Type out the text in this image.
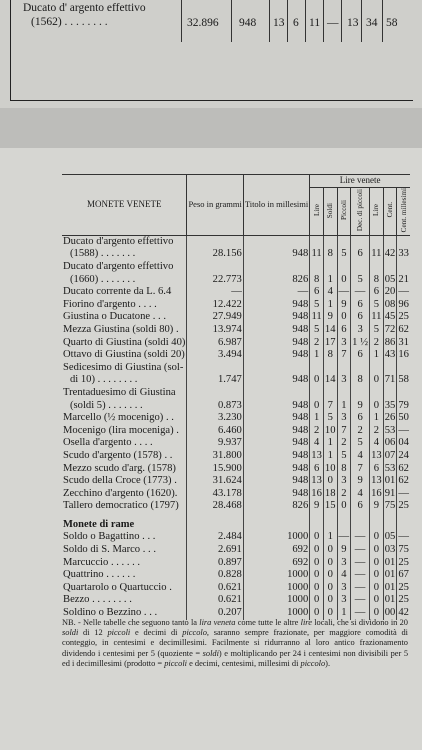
Ducato d' argento effettivo
(1562) . . . . . . . .	32.896 948 13 6 11 — 13 34 58
MONETE VENETE	Peso in grammi	Titolo in millesimi	Lire venete						
			Lire	Soldi	Piccoli	Dec. di piccoli	Lire	Cent.	Cent. millesimi
Ducato d'argento effettivo									
(1588) . . . . . . .	28.156	948	11	8	5	6	11	42	33
Ducato d'argento effettivo									
(1660) . . . . . . .	22.773	826	8	1	0	5	8	05	21
Ducato corrente da L. 6.4	—	—	6	4	—	—	6	20	—
Fiorino d'argento . . . .	12.422	948	5	1	9	6	5	08	96
Giustina o Ducatone . . .	27.949	948	11	9	0	6	11	45	25
Mezza Giustina (soldi 80) .	13.974	948	5	14	6	3	5	72	62
Quarto di Giustina (soldi 40)	6.987	948	2	17	3	1 ½	2	86	31
Ottavo di Giustina (soldi 20)	3.494	948	1	8	7	6	1	43	16
Sedicesimo di Giustina (sol-									
di 10) . . . . . . . .	1.747	948	0	14	3	8	0	71	58
Trentaduesimo di Giustina									
(soldi 5) . . . . . . .	0.873	948	0	7	1	9	0	35	79
Marcello (½ mocenigo) . .	3.230	948	1	5	3	6	1	26	50
Mocenigo (lira moceniga) .	6.460	948	2	10	7	2	2	53	—
Osella d'argento . . . .	9.937	948	4	1	2	5	4	06	04
Scudo d'argento (1578) . .	31.800	948	13	1	5	4	13	07	24
Mezzo scudo d'arg. (1578)	15.900	948	6	10	8	7	6	53	62
Scudo della Croce (1773) .	31.624	948	13	0	3	9	13	01	62
Zecchino d'argento (1620).	43.178	948	16	18	2	4	16	91	—
Tallero democratico (1797)	28.468	826	9	15	0	6	9	75	25
Monete di rame									
Soldo o Bagattino . . .	2.484	1000	0	1	—	—	0	05	—
Soldo di S. Marco . . .	2.691	692	0	0	9	—	0	03	75
Marcuccio . . . . . .	0.897	692	0	0	3	—	0	01	25
Quattrino . . . . . .	0.828	1000	0	0	4	—	0	01	67
Quartarolo o Quartuccio .	0.621	1000	0	0	3	—	0	01	25
Bezzo . . . . . . . .	0.621	1000	0	0	3	—	0	01	25
Soldino o Bezzino . . .	0.207	1000	0	0	1	—	0	00	42
NB. - Nelle tabelle che seguono tanto la lira veneta come tutte le altre lire locali, che si dividono in 20 soldi di 12 piccoli e decimi di piccolo, saranno sempre frazionate, per maggiore comodità di conteggio, in centesimi e decimillesimi. Facilmente si ridurranno al loro antico frazionamento dividendo i centesimi per 5 (quoziente = soldi) e moltiplicando per 24 i centesimi non divisibili per 5 ed i decimillesimi (prodotto = piccoli e decimi, centesimi, millesimi di piccolo).
